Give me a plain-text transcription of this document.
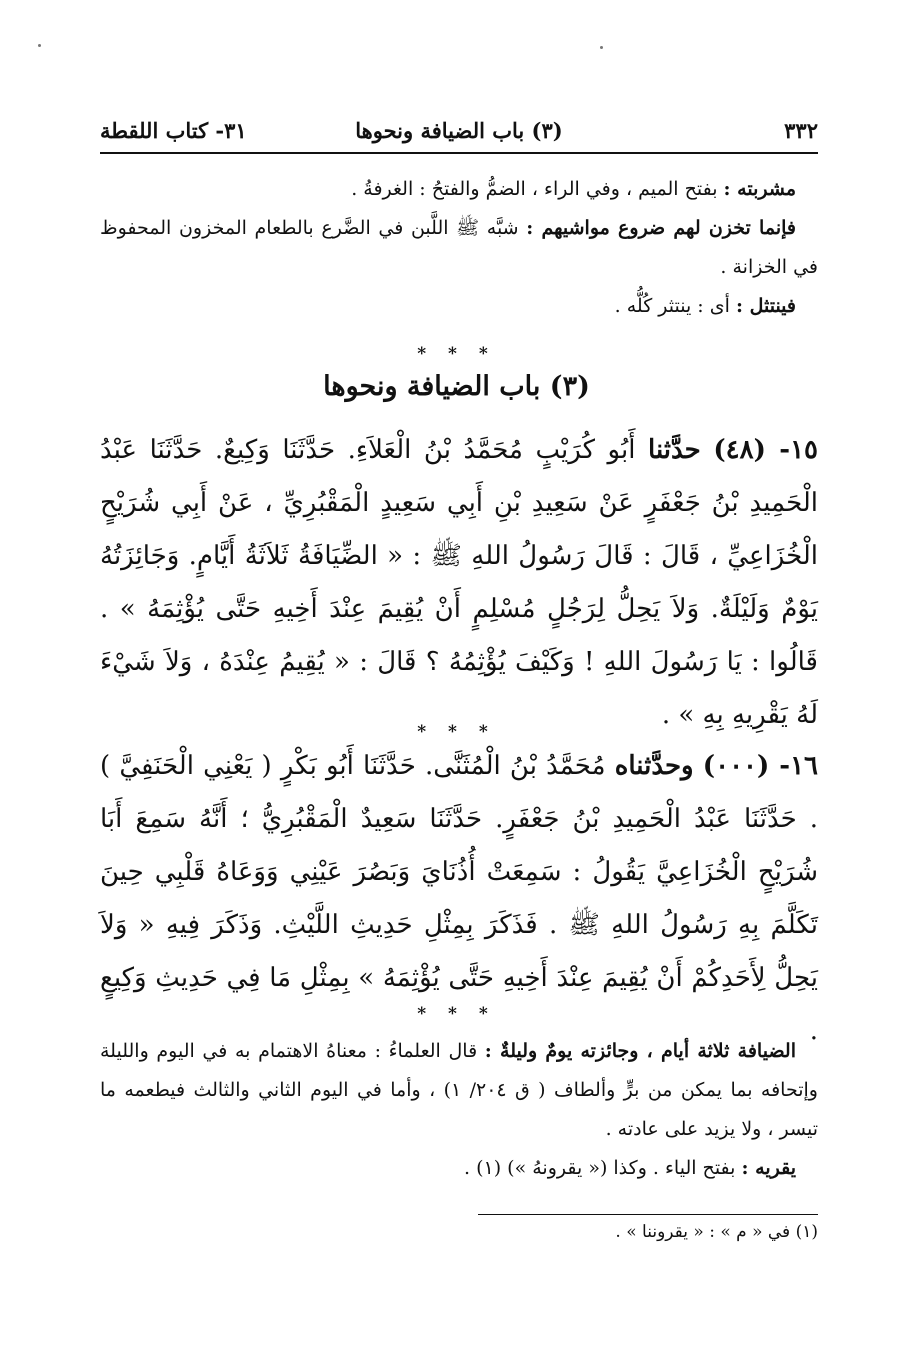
٣٣٢
(٣) باب الضيافة ونحوها
٣١- كتاب اللقطة
مشربته : بفتح الميم ، وفي الراء ، الضمُّ والفتحُ : الغرفةُ .
فإنما تخزن لهم ضروع مواشيهم : شبَّه ﷺ اللَّبن في الضَّرع بالطعام المخزون المحفوظ في الخزانة .
فينتثل : أى : ينتثر كُلُّه .
* * *
(٣) باب الضيافة ونحوها

١٥- (٤٨) حدَّثنا أَبُو كُرَيْبٍ مُحَمَّدُ بْنُ الْعَلاَءِ. حَدَّثَنَا وَكِيعٌ. حَدَّثَنَا عَبْدُ الْحَمِيدِ بْنُ جَعْفَرٍ عَنْ سَعِيدِ بْنِ أَبِي سَعِيدٍ الْمَقْبُرِيِّ ، عَنْ أَبِي شُرَيْحٍ الْخُزَاعِيِّ ، قَالَ : قَالَ رَسُولُ اللهِ ﷺ : « الضِّيَافَةُ ثَلاَثَةُ أَيَّامٍ. وَجَائِزَتُهُ يَوْمٌ وَلَيْلَةٌ. وَلاَ يَحِلُّ لِرَجُلٍ مُسْلِمٍ أَنْ يُقِيمَ عِنْدَ أَخِيهِ حَتَّى يُؤْثِمَهُ » . قَالُوا : يَا رَسُولَ اللهِ ! وَكَيْفَ يُؤْثِمُهُ ؟ قَالَ : « يُقِيمُ عِنْدَهُ ، وَلاَ شَيْءَ لَهُ يَقْرِيهِ بِهِ » .

* * *

١٦- (٠٠٠) وحدَّثناه مُحَمَّدُ بْنُ الْمُثَنَّى. حَدَّثَنَا أَبُو بَكْرٍ ( يَعْنِي الْحَنَفِيَّ ) . حَدَّثَنَا عَبْدُ الْحَمِيدِ بْنُ جَعْفَرٍ. حَدَّثَنَا سَعِيدٌ الْمَقْبُرِيُّ ؛ أَنَّهُ سَمِعَ أَبَا شُرَيْحٍ الْخُزَاعِيَّ يَقُولُ : سَمِعَتْ أُذُنَايَ وَبَصُرَ عَيْنِي وَوَعَاهُ قَلْبِي حِينَ تَكَلَّمَ بِهِ رَسُولُ اللهِ ﷺ . فَذَكَرَ بِمِثْلِ حَدِيثِ اللَّيْثِ. وَذَكَرَ فِيهِ « وَلاَ يَحِلُّ لِأَحَدِكُمْ أَنْ يُقِيمَ عِنْدَ أَخِيهِ حَتَّى يُؤْثِمَهُ » بِمِثْلِ مَا فِي حَدِيثِ وَكِيعٍ .

* * *
الضيافة ثلاثة أيام ، وجائزته يومٌ وليلةٌ : قال العلماءُ : معناهُ الاهتمام به في اليوم والليلة وإتحافه بما يمكن من برٍّ وألطاف ( ق ٢٠٤/ ١) ، وأما في اليوم الثاني والثالث فيطعمه ما تيسر ، ولا يزيد على عادته .
يقريه : بفتح الياء . وكذا (« يقرونهُ ») (١) .
(١) في « م » : « يقروننا » .
